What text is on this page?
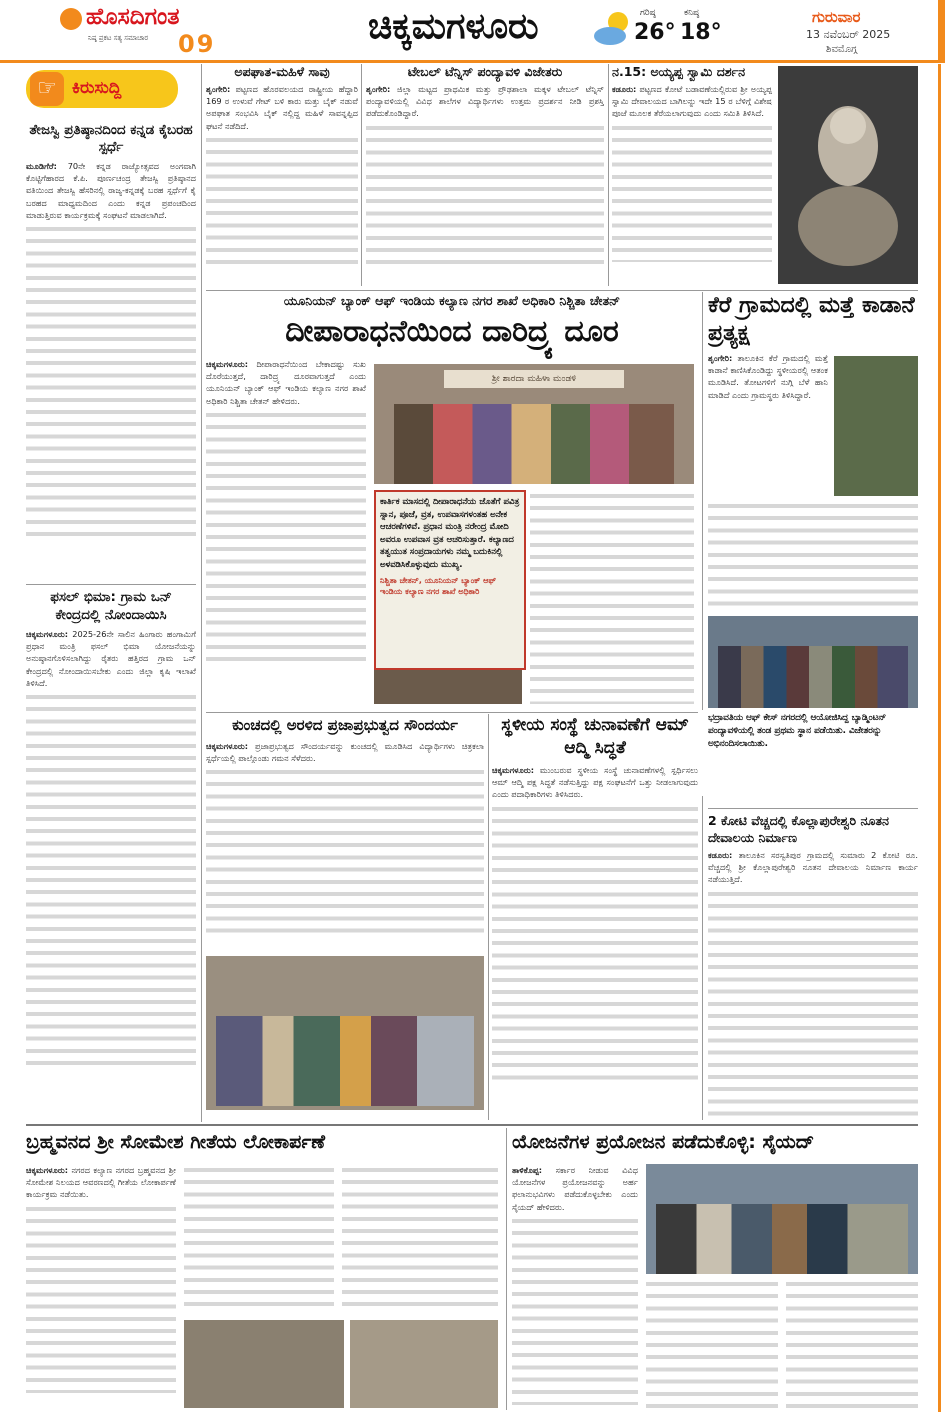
ಹೊಸದಿಗಂತ
ನಿಷ್ಠ ಪ್ರಕಟ ಸತ್ಯ ಸಮಾಚಾರ 09	ಚಿಕ್ಕಮಗಳೂರು	ಗರಿಷ್ಠ
26°
ಕನಿಷ್ಠ
18°
ಗುರುವಾರ
13 ನವೆಂಬರ್ 2025
ಶಿವಮೊಗ್ಗ
☞ ಕಿರುಸುದ್ದಿ
ತೇಜಸ್ವಿ ಪ್ರತಿಷ್ಠಾನದಿಂದ ಕನ್ನಡ ಕೈಬರಹ ಸ್ಪರ್ಧೆ
ಮೂಡಿಗೆರೆ: 70ನೇ ಕನ್ನಡ ರಾಜ್ಯೋತ್ಸವದ ಅಂಗವಾಗಿ ಕೊಟ್ಟಿಗೆಹಾರದ ಕೆ.ಪಿ. ಪೂರ್ಣಚಂದ್ರ ತೇಜಸ್ವಿ ಪ್ರತಿಷ್ಠಾನದ ವತಿಯಿಂದ ತೇಜಸ್ವಿ ಹೆಸರಿನಲ್ಲಿ ರಾಜ್ಯ-ಕನ್ನಡಕ್ಕೆ ಬರಹ ಸ್ಪರ್ಧೆಗೆ ಕೈ ಬರಹದ ಮಾಧ್ಯಮದಿಂದ ಎಂದು ಕನ್ನಡ ಪ್ರಪಂಚದಿಂದ ಮಾಡುತ್ತಿರುವ ಕಾರ್ಯಕ್ರಮಕ್ಕೆ ಸಂಘಟನೆ ಮಾಡಲಾಗಿದೆ.
ಫಸಲ್ ಭಿಮಾ: ಗ್ರಾಮ ಒನ್ ಕೇಂದ್ರದಲ್ಲಿ ನೋಂದಾಯಿಸಿ
ಚಿಕ್ಕಮಗಳೂರು: 2025-26ನೇ ಸಾಲಿನ ಹಿಂಗಾರು ಹಂಗಾಮಿಗೆ ಪ್ರಧಾನ ಮಂತ್ರಿ ಫಸಲ್ ಭಿಮಾ ಯೋಜನೆಯನ್ನು ಅನುಷ್ಠಾನಗೊಳಿಸಲಾಗಿದ್ದು ರೈತರು ಹತ್ತಿರದ ಗ್ರಾಮ ಒನ್ ಕೇಂದ್ರದಲ್ಲಿ ನೋಂದಾಯಿಸಬೇಕು ಎಂದು ಜಿಲ್ಲಾ ಕೃಷಿ ಇಲಾಖೆ ತಿಳಿಸಿದೆ.
ಅಪಘಾತ-ಮಹಿಳೆ ಸಾವು
ಶೃಂಗೇರಿ: ಪಟ್ಟಣದ ಹೊರವಲಯದ ರಾಷ್ಟ್ರೀಯ ಹೆದ್ದಾರಿ 169 ರ ಉಳುವೆ ಗೇಟ್ ಬಳಿ ಕಾರು ಮತ್ತು ಬೈಕ್ ನಡುವೆ ಅಪಘಾತ ಸಂಭವಿಸಿ ಬೈಕ್ ನಲ್ಲಿದ್ದ ಮಹಿಳೆ ಸಾವನ್ನಪ್ಪಿದ ಘಟನೆ ನಡೆದಿದೆ.
ಟೇಬಲ್ ಟೆನ್ನಿಸ್ ಪಂದ್ಯಾವಳಿ ವಿಜೇತರು
ಶೃಂಗೇರಿ: ಜಿಲ್ಲಾ ಮಟ್ಟದ ಪ್ರಾಥಮಿಕ ಮತ್ತು ಪ್ರೌಢಶಾಲಾ ಮಕ್ಕಳ ಟೇಬಲ್ ಟೆನ್ನಿಸ್ ಪಂದ್ಯಾವಳಿಯಲ್ಲಿ ವಿವಿಧ ಶಾಲೆಗಳ ವಿದ್ಯಾರ್ಥಿಗಳು ಉತ್ತಮ ಪ್ರದರ್ಶನ ನೀಡಿ ಪ್ರಶಸ್ತಿ ಪಡೆದುಕೊಂಡಿದ್ದಾರೆ.
ನ.15: ಅಯ್ಯಪ್ಪ ಸ್ವಾಮಿ ದರ್ಶನ
ಕಡೂರು: ಪಟ್ಟಣದ ಕೋಟೆ ಬಡಾವಣೆಯಲ್ಲಿರುವ ಶ್ರೀ ಅಯ್ಯಪ್ಪ ಸ್ವಾಮಿ ದೇವಾಲಯದ ಬಾಗಿಲನ್ನು ಇದೇ 15 ರ ಬೆಳಿಗ್ಗೆ ವಿಶೇಷ ಪೂಜೆ ಮೂಲಕ ತೆರೆಯಲಾಗುವುದು ಎಂದು ಸಮಿತಿ ತಿಳಿಸಿದೆ.
ಯೂನಿಯನ್ ಬ್ಯಾಂಕ್ ಆಫ್ ಇಂಡಿಯ ಕಲ್ಯಾಣ ನಗರ ಶಾಖೆ ಅಧಿಕಾರಿ ನಿಶ್ಚಿತಾ ಚೇತನ್
ದೀಪಾರಾಧನೆಯಿಂದ ದಾರಿದ್ರ್ಯ ದೂರ
ಚಿಕ್ಕಮಗಳೂರು: ದೀಪಾರಾಧನೆಯಿಂದ ಬೇಕಾದಷ್ಟು ಸುಖ ದೊರೆಯುತ್ತದೆ, ದಾರಿದ್ರ್ಯ ದೂರವಾಗುತ್ತದೆ ಎಂದು ಯೂನಿಯನ್ ಬ್ಯಾಂಕ್ ಆಫ್ ಇಂಡಿಯ ಕಲ್ಯಾಣ ನಗರ ಶಾಖೆ ಅಧಿಕಾರಿ ನಿಶ್ಚಿತಾ ಚೇತನ್ ಹೇಳಿದರು.
ಶ್ರೀ ಶಾರದಾ ಮಹಿಳಾ ಮಂಡಳಿ
ಕಾರ್ತಿಕ ಮಾಸದಲ್ಲಿ ದೀಪಾರಾಧನೆಯ ಜೊತೆಗೆ ಪವಿತ್ರ ಸ್ನಾನ, ಪೂಜೆ, ವ್ರತ, ಉಪವಾಸಗಳಂತಹ ಅನೇಕ ಆಚರಣೆಗಳಿವೆ. ಪ್ರಧಾನ ಮಂತ್ರಿ ನರೇಂದ್ರ ಮೋದಿ ಅವರೂ ಉಪವಾಸ ವ್ರತ ಆಚರಿಸುತ್ತಾರೆ. ಕಲ್ಯಾಣದ ತತ್ವಯುತ ಸಂಪ್ರದಾಯಗಳು ನಮ್ಮ ಬದುಕಿನಲ್ಲಿ ಅಳವಡಿಸಿಕೊಳ್ಳುವುದು ಮುಖ್ಯ.
ನಿಶ್ಚಿತಾ ಚೇತನ್, ಯೂನಿಯನ್ ಬ್ಯಾಂಕ್ ಆಫ್ ಇಂಡಿಯ ಕಲ್ಯಾಣ ನಗರ ಶಾಖೆ ಅಧಿಕಾರಿ
ಕೆರೆ ಗ್ರಾಮದಲ್ಲಿ ಮತ್ತೆ ಕಾಡಾನೆ ಪ್ರತ್ಯಕ್ಷ
ಶೃಂಗೇರಿ: ತಾಲೂಕಿನ ಕೆರೆ ಗ್ರಾಮದಲ್ಲಿ ಮತ್ತೆ ಕಾಡಾನೆ ಕಾಣಿಸಿಕೊಂಡಿದ್ದು ಸ್ಥಳೀಯರಲ್ಲಿ ಆತಂಕ ಮೂಡಿಸಿದೆ. ತೋಟಗಳಿಗೆ ನುಗ್ಗಿ ಬೆಳೆ ಹಾನಿ ಮಾಡಿದೆ ಎಂದು ಗ್ರಾಮಸ್ಥರು ತಿಳಿಸಿದ್ದಾರೆ.
ಭದ್ರಾವತಿಯ ಆಫ್ ಕೇಸ್ ನಗರದಲ್ಲಿ ಆಯೋಜಿಸಿದ್ದ ಬ್ಯಾಡ್ಮಿಂಟನ್ ಪಂದ್ಯಾವಳಿಯಲ್ಲಿ ತಂಡ ಪ್ರಥಮ ಸ್ಥಾನ ಪಡೆಯಿತು. ವಿಜೇತರನ್ನು ಅಭಿನಂದಿಸಲಾಯಿತು.
ಕುಂಚದಲ್ಲಿ ಅರಳಿದ ಪ್ರಜಾಪ್ರಭುತ್ವದ ಸೌಂದರ್ಯ
ಚಿಕ್ಕಮಗಳೂರು: ಪ್ರಜಾಪ್ರಭುತ್ವದ ಸೌಂದರ್ಯವನ್ನು ಕುಂಚದಲ್ಲಿ ಮೂಡಿಸಿದ ವಿದ್ಯಾರ್ಥಿಗಳು ಚಿತ್ರಕಲಾ ಸ್ಪರ್ಧೆಯಲ್ಲಿ ಪಾಲ್ಗೊಂಡು ಗಮನ ಸೆಳೆದರು.
ಸ್ಥಳೀಯ ಸಂಸ್ಥೆ ಚುನಾವಣೆಗೆ ಆಮ್ ಆದ್ಮಿ ಸಿದ್ಧತೆ
ಚಿಕ್ಕಮಗಳೂರು: ಮುಂಬರುವ ಸ್ಥಳೀಯ ಸಂಸ್ಥೆ ಚುನಾವಣೆಗಳಲ್ಲಿ ಸ್ಪರ್ಧಿಸಲು ಆಮ್ ಆದ್ಮಿ ಪಕ್ಷ ಸಿದ್ಧತೆ ನಡೆಸುತ್ತಿದ್ದು ಪಕ್ಷ ಸಂಘಟನೆಗೆ ಒತ್ತು ನೀಡಲಾಗುವುದು ಎಂದು ಪದಾಧಿಕಾರಿಗಳು ತಿಳಿಸಿದರು.
2 ಕೋಟಿ ವೆಚ್ಚದಲ್ಲಿ ಕೊಲ್ಲಾಪುರೇಶ್ವರಿ ನೂತನ ದೇವಾಲಯ ನಿರ್ಮಾಣ
ಕಡೂರು: ತಾಲೂಕಿನ ಸರಸ್ವತಿಪುರ ಗ್ರಾಮದಲ್ಲಿ ಸುಮಾರು 2 ಕೋಟಿ ರೂ. ವೆಚ್ಚದಲ್ಲಿ ಶ್ರೀ ಕೊಲ್ಲಾಪುರೇಶ್ವರಿ ನೂತನ ದೇವಾಲಯ ನಿರ್ಮಾಣ ಕಾರ್ಯ ನಡೆಯುತ್ತಿದೆ.
ಬ್ರಹ್ಮವನದ ಶ್ರೀ ಸೋಮೇಶ ಗೀತೆಯ ಲೋಕಾರ್ಪಣೆ
ಚಿಕ್ಕಮಗಳೂರು: ನಗರದ ಕಲ್ಯಾಣ ನಗರದ ಬ್ರಹ್ಮವನದ ಶ್ರೀ ಸೋಮೇಶ ನಿಲಯದ ಆವರಣದಲ್ಲಿ ಗೀತೆಯ ಲೋಕಾರ್ಪಣೆ ಕಾರ್ಯಕ್ರಮ ನಡೆಯಿತು.
ಯೋಜನೆಗಳ ಪ್ರಯೋಜನ ಪಡೆದುಕೊಳ್ಳಿ: ಸೈಯದ್
ತಾಳಿಕೊಪ್ಪ: ಸರ್ಕಾರ ನೀಡುವ ವಿವಿಧ ಯೋಜನೆಗಳ ಪ್ರಯೋಜನವನ್ನು ಅರ್ಹ ಫಲಾನುಭವಿಗಳು ಪಡೆದುಕೊಳ್ಳಬೇಕು ಎಂದು ಸೈಯದ್ ಹೇಳಿದರು.
